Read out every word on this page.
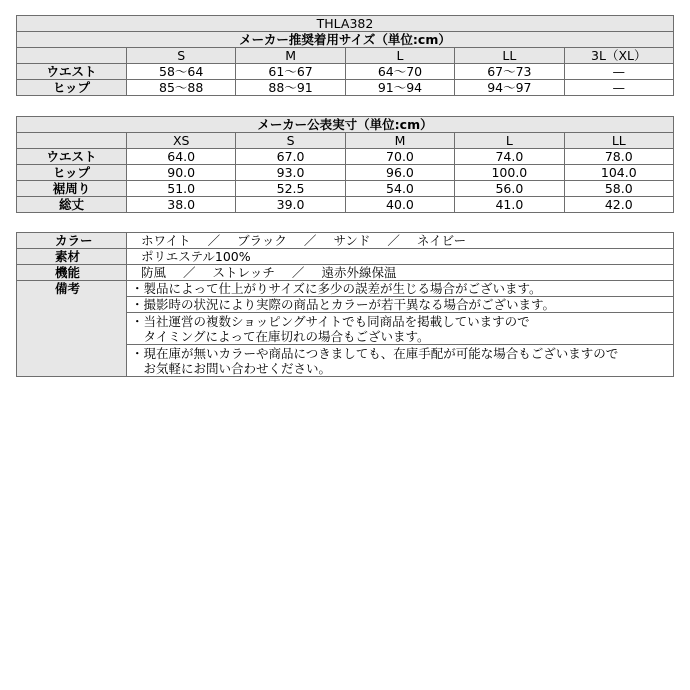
THLA382					
メーカー推奨着用サイズ（単位:cm）					
	S	M	L	LL	3L（XL）
ウエスト	58～64	61～67	64～70	67～73	—
ヒップ	85～88	88～91	91～94	94～97	—
メーカー公表実寸（単位:cm）					
	XS	S	M	L	LL
ウエスト	64.0	67.0	70.0	74.0	78.0
ヒップ	90.0	93.0	96.0	100.0	104.0
裾周り	51.0	52.5	54.0	56.0	58.0
総丈	38.0	39.0	40.0	41.0	42.0
カラー	ホワイト ／ ブラック ／ サンド ／ ネイビー
素材	ポリエステル100%
機能	防風 ／ ストレッチ ／ 遠赤外線保温
備考	・製品によって仕上がりサイズに多少の誤差が生じる場合がございます。
	・撮影時の状況により実際の商品とカラーが若干異なる場合がございます。

	・当社運営の複数ショッピングサイトでも同商品を掲載していますので
　タイミングによって在庫切れの場合もございます。

	・現在庫が無いカラーや商品につきましても、在庫手配が可能な場合もございますので
　お気軽にお問い合わせください。
